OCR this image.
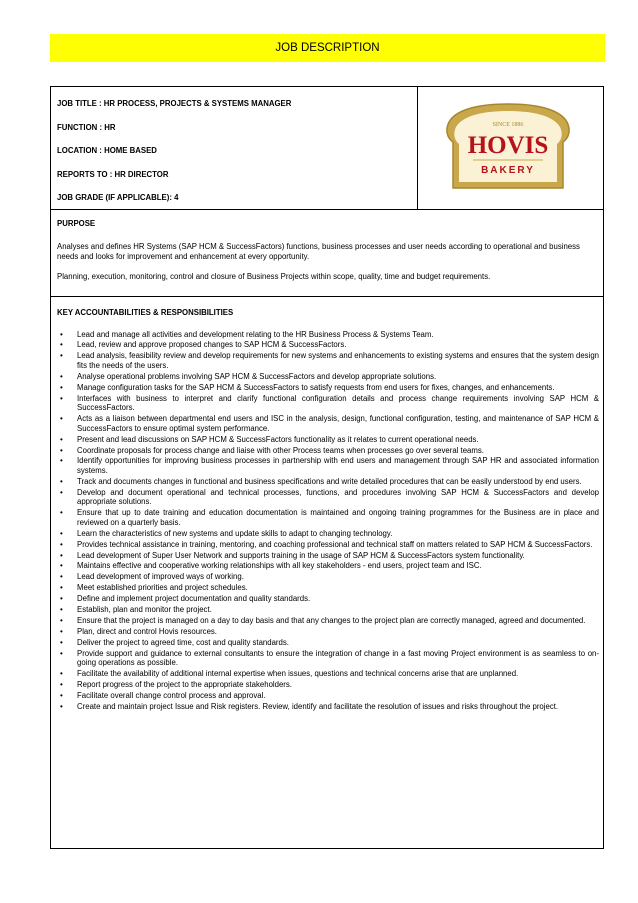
JOB DESCRIPTION
JOB TITLE : HR PROCESS, PROJECTS & SYSTEMS MANAGER
FUNCTION : HR
LOCATION : HOME BASED
REPORTS TO : HR DIRECTOR
JOB GRADE (IF APPLICABLE): 4
SINCE 1886
HOVIS
BAKERY
PURPOSE

Analyses and defines HR Systems (SAP HCM & SuccessFactors) functions, business processes and user needs according to operational and business needs and looks for improvement and enhancement at every opportunity.

Planning, execution, monitoring, control and closure of Business Projects within scope, quality, time and budget requirements.

KEY ACCOUNTABILITIES & RESPONSIBILITIES
• Lead and manage all activities and development relating to the HR Business Process & Systems Team.
• Lead, review and approve proposed changes to SAP HCM & SuccessFactors.
• Lead analysis, feasibility review and develop requirements for new systems and enhancements to existing systems and ensures that the system design fits the needs of the users.
• Analyse operational problems involving SAP HCM & SuccessFactors and develop appropriate solutions.
• Manage configuration tasks for the SAP HCM & SuccessFactors to satisfy requests from end users for fixes, changes, and enhancements.
• Interfaces with business to interpret and clarify functional configuration details and process change requirements involving SAP HCM & SuccessFactors.
• Acts as a liaison between departmental end users and ISC in the analysis, design, functional configuration, testing, and maintenance of SAP HCM & SuccessFactors to ensure optimal system performance.
• Present and lead discussions on SAP HCM & SuccessFactors functionality as it relates to current operational needs.
• Coordinate proposals for process change and liaise with other Process teams when processes go over several teams.
• Identify opportunities for improving business processes in partnership with end users and management through SAP HR and associated information systems.
• Track and documents changes in functional and business specifications and write detailed procedures that can be easily understood by end users.
• Develop and document operational and technical processes, functions, and procedures involving SAP HCM & SuccessFactors and develop appropriate solutions.
• Ensure that up to date training and education documentation is maintained and ongoing training programmes for the Business are in place and reviewed on a quarterly basis.
• Learn the characteristics of new systems and update skills to adapt to changing technology.
• Provides technical assistance in training, mentoring, and coaching professional and technical staff on matters related to SAP HCM & SuccessFactors.
• Lead development of Super User Network and supports training in the usage of SAP HCM & SuccessFactors system functionality.
• Maintains effective and cooperative working relationships with all key stakeholders - end users, project team and ISC.
• Lead development of improved ways of working.
• Meet established priorities and project schedules.
• Define and implement project documentation and quality standards.
• Establish, plan and monitor the project.
• Ensure that the project is managed on a day to day basis and that any changes to the project plan are correctly managed, agreed and documented.
• Plan, direct and control Hovis resources.
• Deliver the project to agreed time, cost and quality standards.
• Provide support and guidance to external consultants to ensure the integration of change in a fast moving Project environment is as seamless to on-going operations as possible.
• Facilitate the availability of additional internal expertise when issues, questions and technical concerns arise that are unplanned.
• Report progress of the project to the appropriate stakeholders.
• Facilitate overall change control process and approval.
• Create and maintain project Issue and Risk registers. Review, identify and facilitate the resolution of issues and risks throughout the project.
